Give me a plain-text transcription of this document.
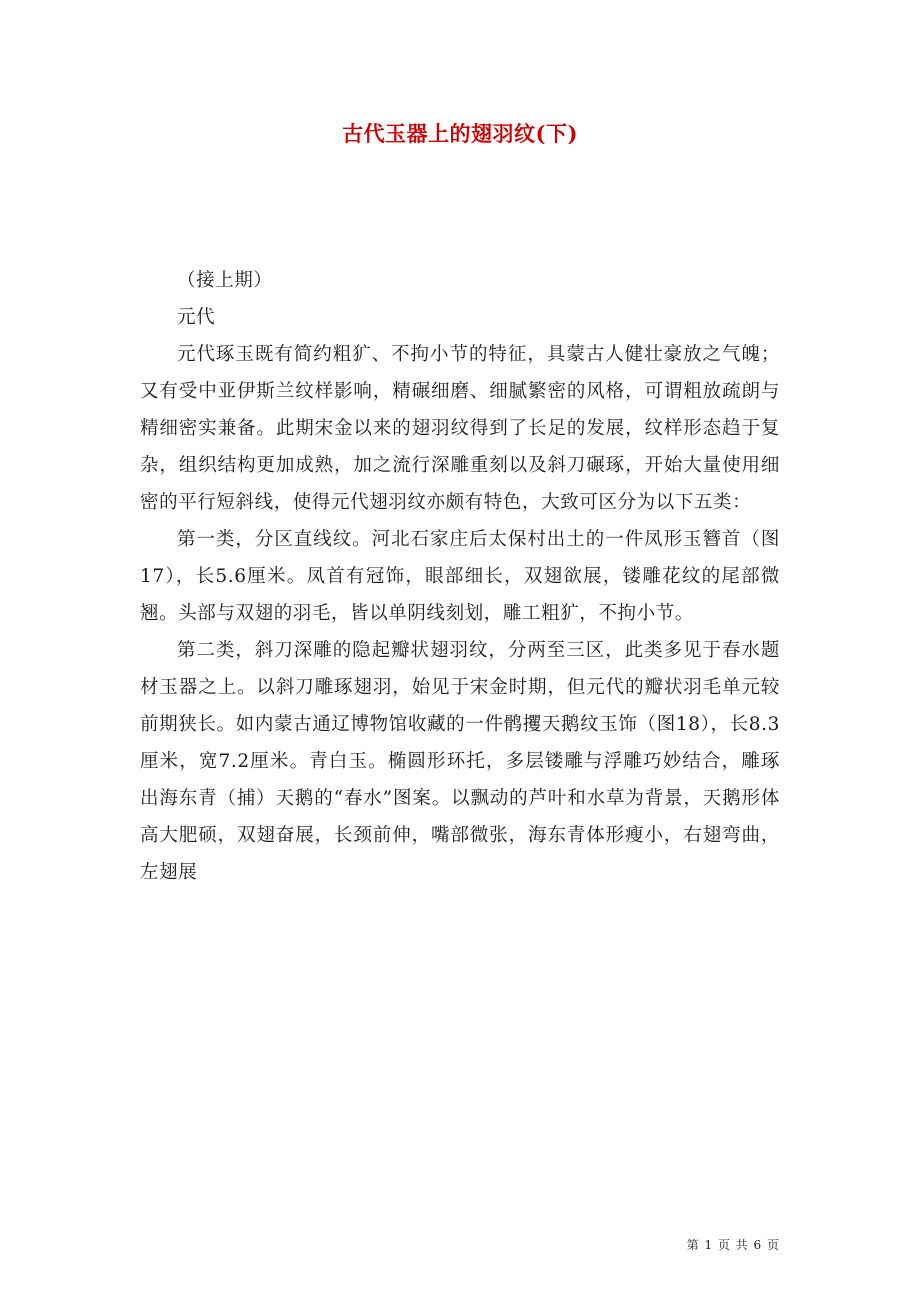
古代玉器上的翅羽纹(下)

（接上期）

元代

元代琢玉既有简约粗犷、不拘小节的特征，具蒙古人健壮豪放之气魄；又有受中亚伊斯兰纹样影响，精碾细磨、细腻繁密的风格，可谓粗放疏朗与精细密实兼备。此期宋金以来的翅羽纹得到了长足的发展，纹样形态趋于复杂，组织结构更加成熟，加之流行深雕重刻以及斜刀碾琢，开始大量使用细密的平行短斜线，使得元代翅羽纹亦颇有特色，大致可区分为以下五类：

第一类，分区直线纹。河北石家庄后太保村出土的一件凤形玉簪首（图17），长5.6厘米。凤首有冠饰，眼部细长，双翅欲展，镂雕花纹的尾部微翘。头部与双翅的羽毛，皆以单阴线刻划，雕工粗犷，不拘小节。

第二类，斜刀深雕的隐起瓣状翅羽纹，分两至三区，此类多见于春水题材玉器之上。以斜刀雕琢翅羽，始见于宋金时期，但元代的瓣状羽毛单元较前期狭长。如内蒙古通辽博物馆收藏的一件鹘攫天鹅纹玉饰（图18），长8.3厘米，宽7.2厘米。青白玉。椭圆形环托，多层镂雕与浮雕巧妙结合，雕琢出海东青（捕）天鹅的“春水”图案。以飘动的芦叶和水草为背景，天鹅形体高大肥硕，双翅奋展，长颈前伸，嘴部微张，海东青体形瘦小，右翅弯曲，左翅展

第 1 页 共 6 页
